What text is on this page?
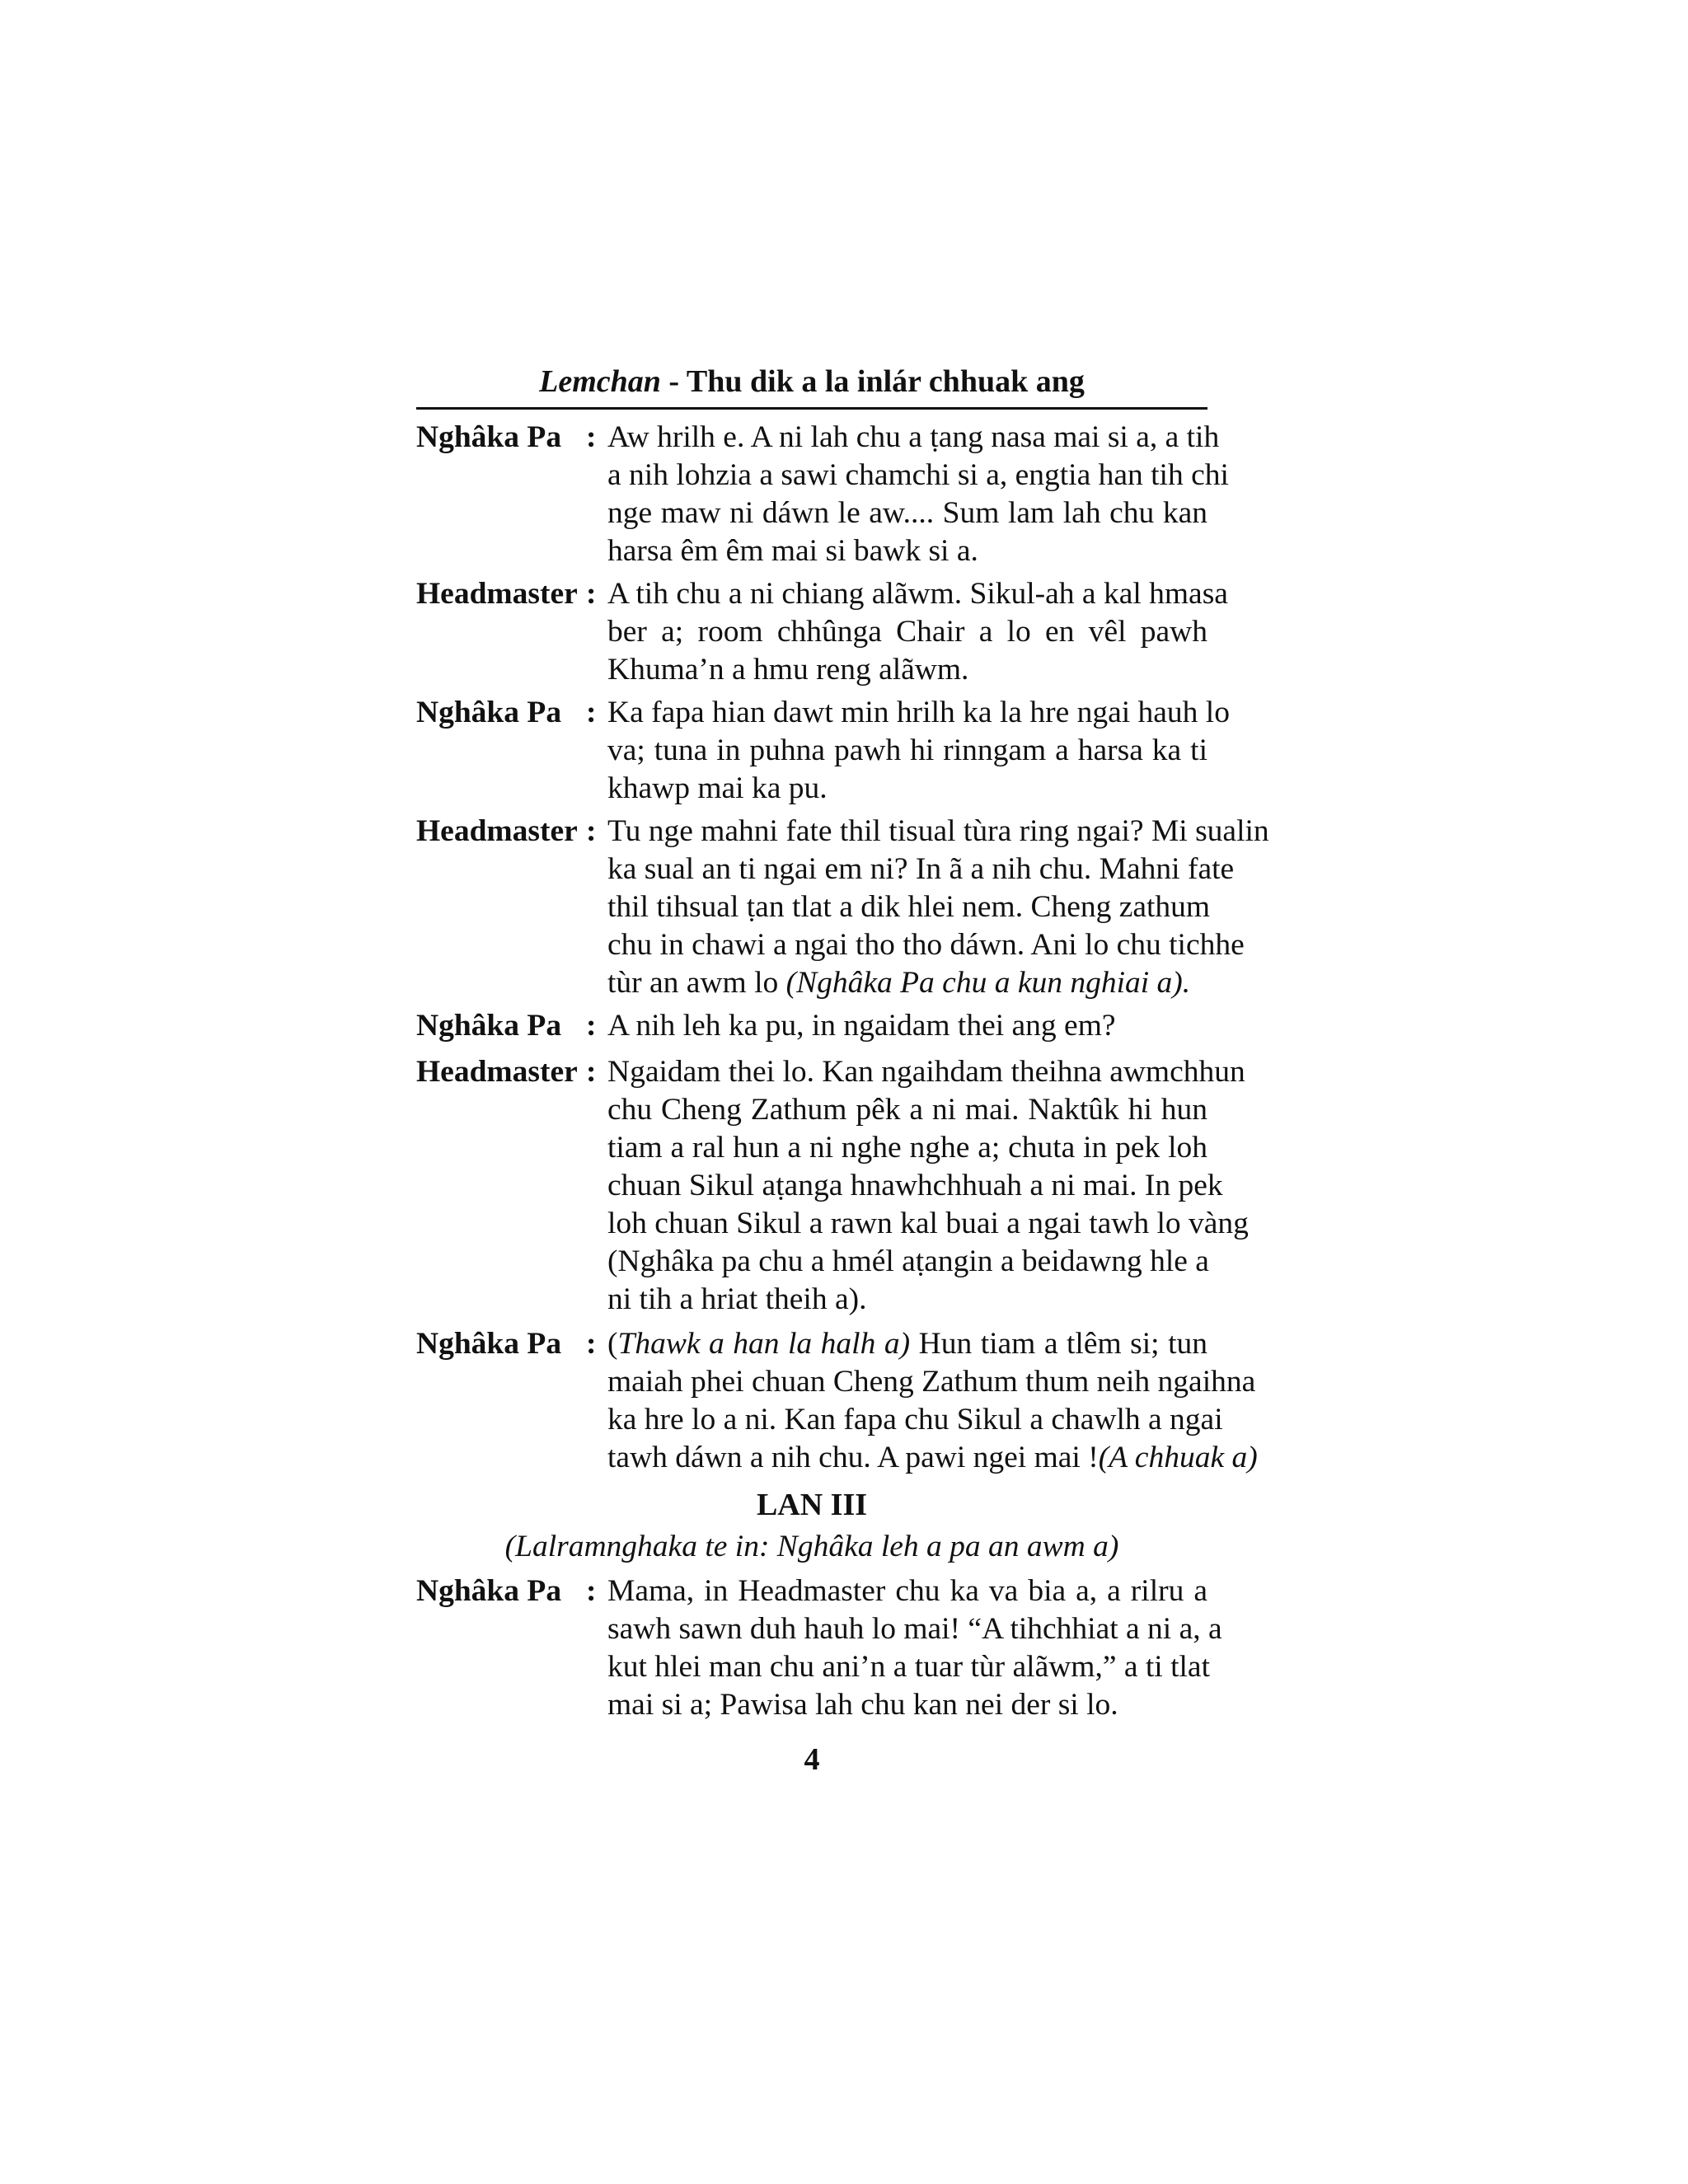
Lemchan - Thu dik a la inlár chhuak ang
Nghâka Pa : Aw hrilh e. A ni lah chu a ṭang nasa mai si a, a tih
a nih lohzia a sawi chamchi si a, engtia han tih chi
nge maw ni dáwn le aw.... Sum lam lah chu kan
harsa êm êm mai si bawk si a.
Headmaster : A tih chu a ni chiang alãwm. Sikul-ah a kal hmasa
ber a; room chhûnga Chair a lo en vêl pawh
Khuma’n a hmu reng alãwm.
Nghâka Pa : Ka fapa hian dawt min hrilh ka la hre ngai hauh lo
va; tuna in puhna pawh hi rinngam a harsa ka ti
khawp mai ka pu.
Headmaster : Tu nge mahni fate thil tisual tùra ring ngai? Mi sualin
ka sual an ti ngai em ni? In ã a nih chu. Mahni fate
thil tihsual ṭan tlat a dik hlei nem. Cheng zathum
chu in chawi a ngai tho tho dáwn. Ani lo chu tichhe
tùr an awm lo (Nghâka Pa chu a kun nghiai a).
Nghâka Pa : A nih leh ka pu, in ngaidam thei ang em?
Headmaster : Ngaidam thei lo. Kan ngaihdam theihna awmchhun
chu Cheng Zathum pêk a ni mai. Naktûk hi hun
tiam a ral hun a ni nghe nghe a; chuta in pek loh
chuan Sikul aṭanga hnawhchhuah a ni mai. In pek
loh chuan Sikul a rawn kal buai a ngai tawh lo vàng
(Nghâka pa chu a hmél aṭangin a beidawng hle a
ni tih a hriat theih a).
Nghâka Pa : (Thawk a han la halh a) Hun tiam a tlêm si; tun
maiah phei chuan Cheng Zathum thum neih ngaihna
ka hre lo a ni. Kan fapa chu Sikul a chawlh a ngai
tawh dáwn a nih chu. A pawi ngei mai !(A chhuak a)
LAN III
(Lalramnghaka te in: Nghâka leh a pa an awm a)
Nghâka Pa : Mama, in Headmaster chu ka va bia a, a rilru a
sawh sawn duh hauh lo mai! “A tihchhiat a ni a, a
kut hlei man chu ani’n a tuar tùr alãwm,” a ti tlat
mai si a; Pawisa lah chu kan nei der si lo.
4
